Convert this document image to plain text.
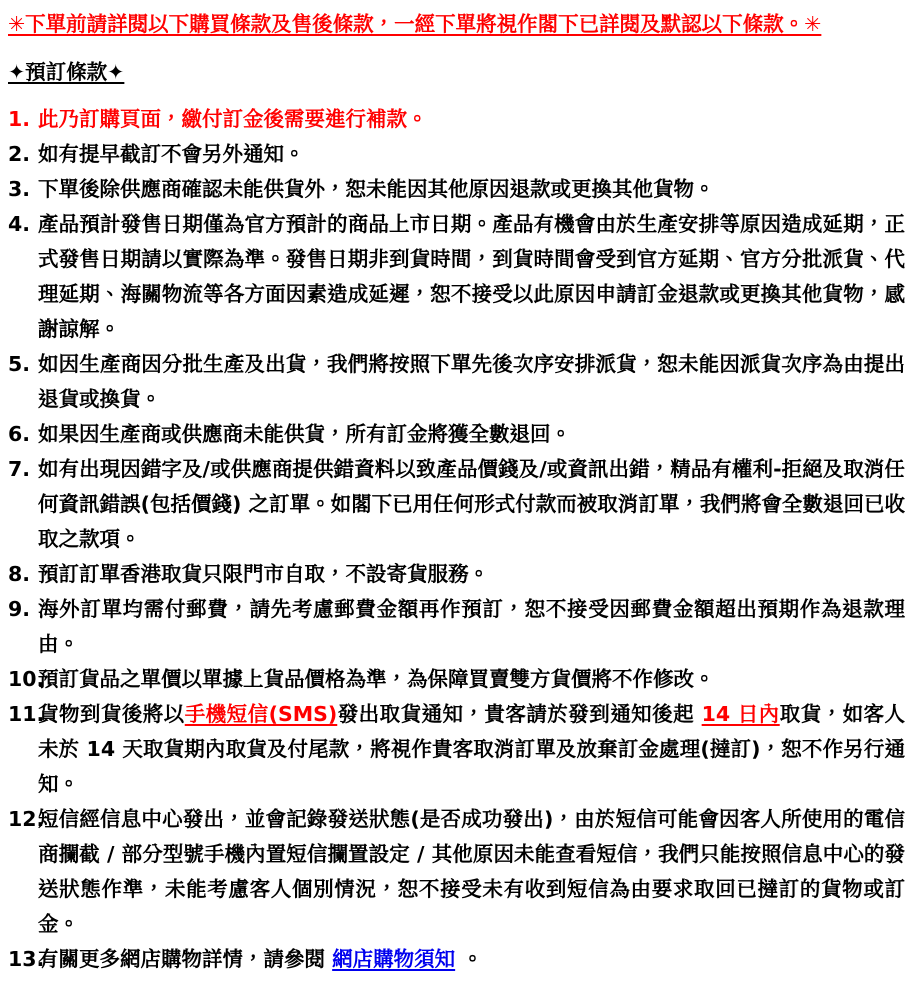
✳下單前請詳閱以下購買條款及售後條款，一經下單將視作閣下已詳閱及默認以下條款。✳

✦預訂條款✦

1. 此乃訂購頁面，繳付訂金後需要進行補款。
2. 如有提早截訂不會另外通知。
3. 下單後除供應商確認未能供貨外，恕未能因其他原因退款或更換其他貨物。
4. 產品預計發售日期僅為官方預計的商品上市日期。產品有機會由於生產安排等原因造成延期，正式發售日期請以實際為準。發售日期非到貨時間，到貨時間會受到官方延期、官方分批派貨、代理延期、海關物流等各方面因素造成延遲，恕不接受以此原因申請訂金退款或更換其他貨物，感謝諒解。
5. 如因生產商因分批生產及出貨，我們將按照下單先後次序安排派貨，恕未能因派貨次序為由提出退貨或換貨。
6. 如果因生產商或供應商未能供貨，所有訂金將獲全數退回。
7. 如有出現因錯字及/或供應商提供錯資料以致產品價錢及/或資訊出錯，精品有權利-拒絕及取消任何資訊錯誤(包括價錢) 之訂單。如閣下已用任何形式付款而被取消訂單，我們將會全數退回已收取之款項。
8. 預訂訂單香港取貨只限門市自取，不設寄貨服務。
9. 海外訂單均需付郵費，請先考慮郵費金額再作預訂，恕不接受因郵費金額超出預期作為退款理由。
10.
預訂貨品之單價以單據上貨品價格為準，為保障買賣雙方貨價將不作修改。
11.
貨物到貨後將以手機短信(SMS)發出取貨通知，貴客請於發到通知後起 14 日內取貨，如客人未於 14 天取貨期內取貨及付尾款，將視作貴客取消訂單及放棄訂金處理(撻訂)，恕不作另行通知。
12.
短信經信息中心發出，並會記錄發送狀態(是否成功發出)，由於短信可能會因客人所使用的電信商攔截 / 部分型號手機內置短信攔置設定 / 其他原因未能查看短信，我們只能按照信息中心的發送狀態作準，未能考慮客人個別情況，恕不接受未有收到短信為由要求取回已撻訂的貨物或訂金。
13.
有關更多網店購物詳情，請參閱 網店購物須知 。
